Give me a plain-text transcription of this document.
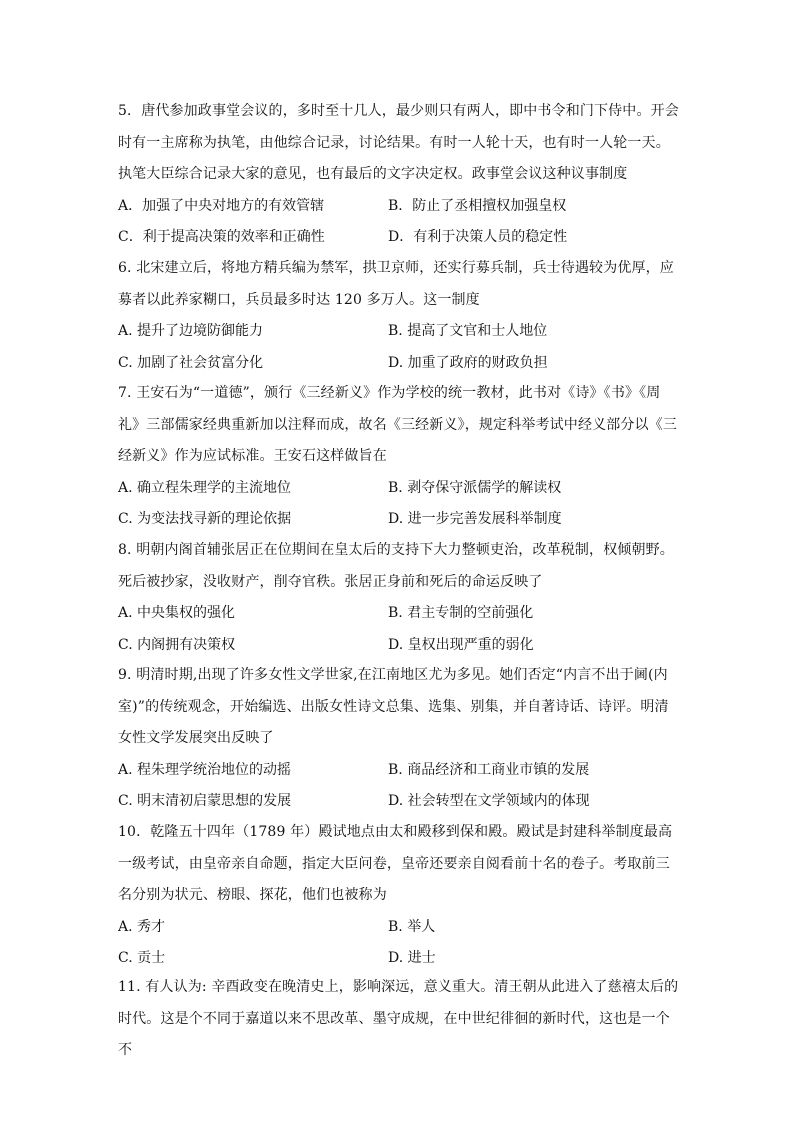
5．唐代参加政事堂会议的，多时至十几人，最少则只有两人，即中书令和门下侍中。开会时有一主席称为执笔，由他综合记录，讨论结果。有时一人轮十天，也有时一人轮一天。执笔大臣综合记录大家的意见，也有最后的文字决定权。政事堂会议这种议事制度

A．加强了中央对地方的有效管辖	B．防止了丞相擅权加强皇权
C．利于提高决策的效率和正确性	D．有利于决策人员的稳定性

6. 北宋建立后，将地方精兵编为禁军，拱卫京师，还实行募兵制，兵士待遇较为优厚，应募者以此养家糊口，兵员最多时达 120 多万人。这一制度

A. 提升了边境防御能力	B. 提高了文官和士人地位
C. 加剧了社会贫富分化	D. 加重了政府的财政负担

7. 王安石为“一道德”，颁行《三经新义》作为学校的统一教材，此书对《诗》《书》《周礼》三部儒家经典重新加以注释而成，故名《三经新义》，规定科举考试中经义部分以《三经新义》作为应试标准。王安石这样做旨在

A. 确立程朱理学的主流地位	B. 剥夺保守派儒学的解读权
C. 为变法找寻新的理论依据	D. 进一步完善发展科举制度

8. 明朝内阁首辅张居正在位期间在皇太后的支持下大力整顿吏治，改革税制，权倾朝野。死后被抄家，没收财产，削夺官秩。张居正身前和死后的命运反映了

A. 中央集权的强化	B. 君主专制的空前强化
C. 内阁拥有决策权	D. 皇权出现严重的弱化

9. 明清时期,出现了许多女性文学世家,在江南地区尤为多见。她们否定“内言不出于阃(内室)”的传统观念，开始编选、出版女性诗文总集、选集、别集，并自著诗话、诗评。明清女性文学发展突出反映了

A. 程朱理学统治地位的动摇	B. 商品经济和工商业市镇的发展
C. 明末清初启蒙思想的发展	D. 社会转型在文学领域内的体现

10．乾隆五十四年（1789 年）殿试地点由太和殿移到保和殿。殿试是封建科举制度最高一级考试，由皇帝亲自命题，指定大臣问卷，皇帝还要亲自阅看前十名的卷子。考取前三名分别为状元、榜眼、探花，他们也被称为

A. 秀才	B. 举人
C. 贡士	D. 进士

11. 有人认为: 辛酉政变在晚清史上，影响深远，意义重大。清王朝从此进入了慈禧太后的时代。这是个不同于嘉道以来不思改革、墨守成规，在中世纪徘徊的新时代，这也是一个不
